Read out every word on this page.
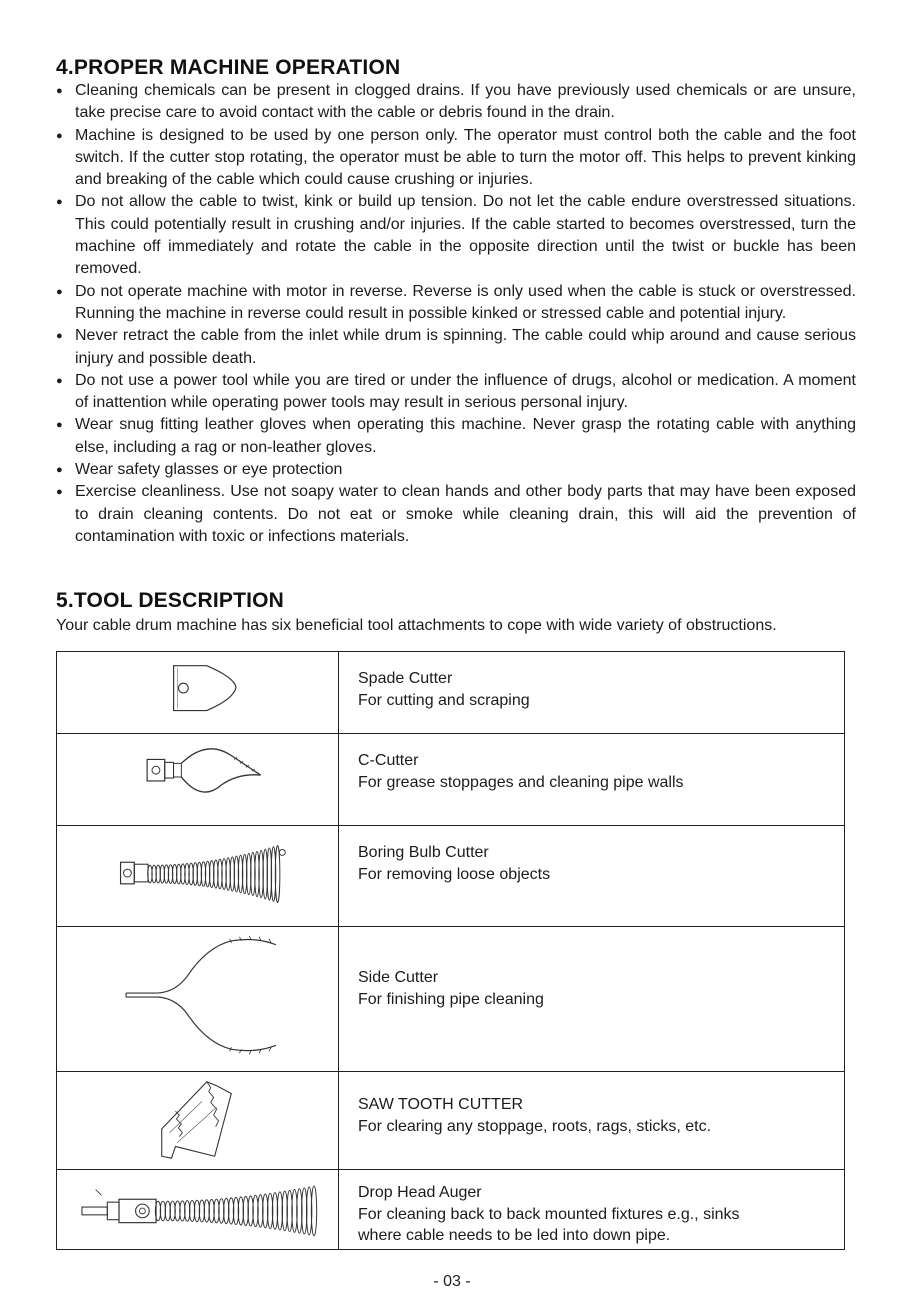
4.PROPER MACHINE OPERATION
● Cleaning chemicals can be present in clogged drains. If you have previously used chemicals or are unsure, take precise care to avoid contact with the cable or debris found in the drain.
● Machine is designed to be used by one person only. The operator must control both the cable and the foot switch. If the cutter stop rotating, the operator must be able to turn the motor off. This helps to prevent kinking and breaking of the cable which could cause crushing or injuries.
● Do not allow the cable to twist, kink or build up tension. Do not let the cable endure overstressed situations. This could potentially result in crushing and/or injuries. If the cable started to becomes overstressed, turn the machine off immediately and rotate the cable in the opposite direction until the twist or buckle has been removed.
● Do not operate machine with motor in reverse. Reverse is only used when the cable is stuck or overstressed. Running the machine in reverse could result in possible kinked or stressed cable and potential injury.
● Never retract the cable from the inlet while drum is spinning. The cable could whip around and cause serious injury and possible death.
● Do not use a power tool while you are tired or under the influence of drugs, alcohol or medication. A moment of inattention while operating power tools may result in serious personal injury.
● Wear snug fitting leather gloves when operating this machine. Never grasp the rotating cable with anything else, including a rag or non-leather gloves.
● Wear safety glasses or eye protection
● Exercise cleanliness. Use not soapy water to clean hands and other body parts that may have been exposed to drain cleaning contents. Do not eat or smoke while cleaning drain, this will aid the prevention of contamination with toxic or infections materials.
5.TOOL DESCRIPTION
Your cable drum machine has six beneficial tool attachments to cope with wide variety of obstructions.

Spade Cutter
For cutting and scraping

C-Cutter
For grease stoppages and cleaning pipe walls

Boring Bulb Cutter
For removing loose objects

Side Cutter
For finishing pipe cleaning

SAW TOOTH CUTTER
For clearing any stoppage, roots, rags, sticks, etc.

Drop Head Auger
For cleaning back to back mounted fixtures e.g., sinks
where cable needs to be led into down pipe.
- 03 -
